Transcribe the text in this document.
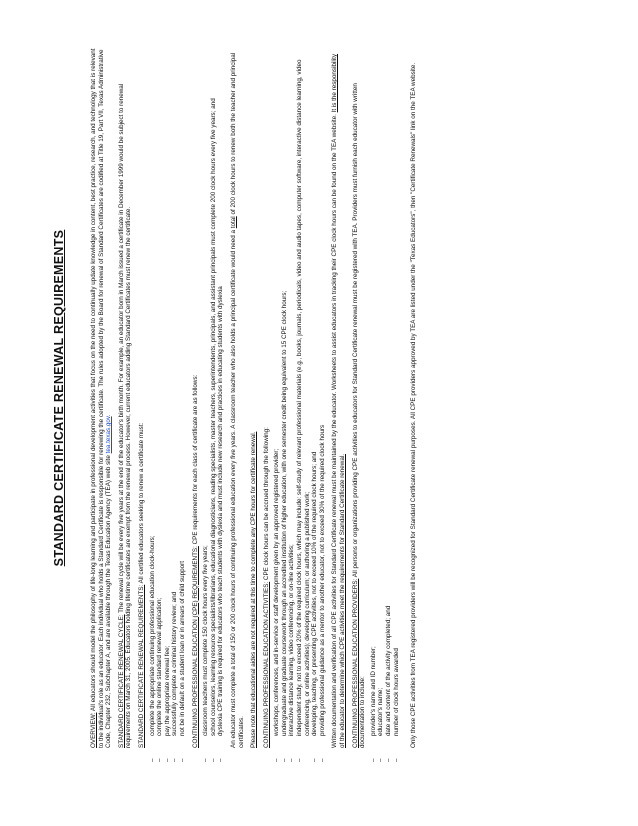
STANDARD CERTIFICATE RENEWAL REQUIREMENTS

OVERVIEW: All educators should model the philosophy of life-long learning and participate in professional development activities that focus on the need to continually update knowledge in content, best practice, research, and technology that is relevant to the individual's role as an educator. Each individual who holds a Standard Certificate is responsible for renewing the certificate. The rules adopted by the Board for renewal of Standard Certificates are codified at Title 19, Part VII, Texas Administrative Code, Chapter 232, Subchapter A, and are available through the Texas Education Agency (TEA) web site tea.texas.gov.

STANDARD CERTIFICATE RENEWAL CYCLE: The renewal cycle will be every five years at the end of the educator's birth month. For example, an educator born in March issued a certificate in December 1999 would be subject to renewal requirements on March 31, 2005. Educators holding lifetime certificates are exempt from the renewal process. However, current educators adding Standard Certificates must renew the certificate. STANDARD CERTIFICATE RENEWAL REQUIREMENTS: All certified educators seeking to renew a certificate must:

–
complete the appropriate continuing professional education clock-hours;
–
complete the online standard renewal application;
–
pay the appropriate renewal fee;
–
successfully complete a criminal history review; and
–
not be in default on a student loan or in arrears of child support CONTINUING PROFESSIONAL EDUCATION (CPE) REQUIREMENTS: CPE requirements for each class of certificate are as follows:

–
classroom teachers must complete 150 clock hours every five years;
–
school counselors, learning resource specialists/librarians, educational diagnosticians, reading specialists, master teachers, superintendents, principals, and assistant principals must complete 200 clock hours every five years; and
–
dyslexia CPE training is required for educators who teach students with dyslexia and must include new research and practices in educating students with dyslexia An educator must complete a total of 150 or 200 clock hours of continuing professional education every five years. A classroom teacher who also holds a principal certificate would need a total of 200 clock hours to renew both the teacher and principal certificates. Please note that educational aides are not required at this time to complete any CPE hours for certificate renewal. CONTINUING PROFESSIONAL EDUCATION ACTIVITIES: CPE clock hours can be accrued through the following:

–
workshops, conferences, and in-service or staff development given by an approved registered provider;
–
undergraduate and graduate coursework through an accredited institution of higher education, with one semester credit being equivalent to 15 CPE clock hours;
–
interactive distance learning, video conferencing, or on-line activities;
–
independent study, not to exceed 20% of the required clock hours, which may include: self-study of relevant professional materials (e.g., books, journals, periodicals, video and audio tapes, computer software, interactive distance learning, video conferencing, or online activities); developing curriculum; or authoring a published work;
–
developing, teaching, or presenting CPE activities, not to exceed 10% of the required clock hours; and
–
providing professional guidance as a mentor to another educator, not to exceed 30% of the required clock hours Written documentation and verification of all CPE activities for Standard Certificate renewal must be maintained by the educator. Worksheets to assist educators in tracking their CPE clock hours can be found on the TEA website. It is the responsibility of the educator to determine which CPE activities meet the requirements for Standard Certificate renewal. CONTINUING PROFESSIONAL EDUCATION PROVIDERS: All persons or organizations providing CPE activities to educators for Standard Certificate renewal must be registered with TEA. Providers must furnish each educator with written documentation to include:

–
provider's name and ID number;
–
educator's name;
–
date and content of the activity completed; and
–
number of clock hours awarded Only those CPE activities from TEA registered providers will be recognized for Standard Certificate renewal purposes. All CPE providers approved by TEA are listed under the "Texas Educators", then "Certificate Renewals" link on the TEA website.
